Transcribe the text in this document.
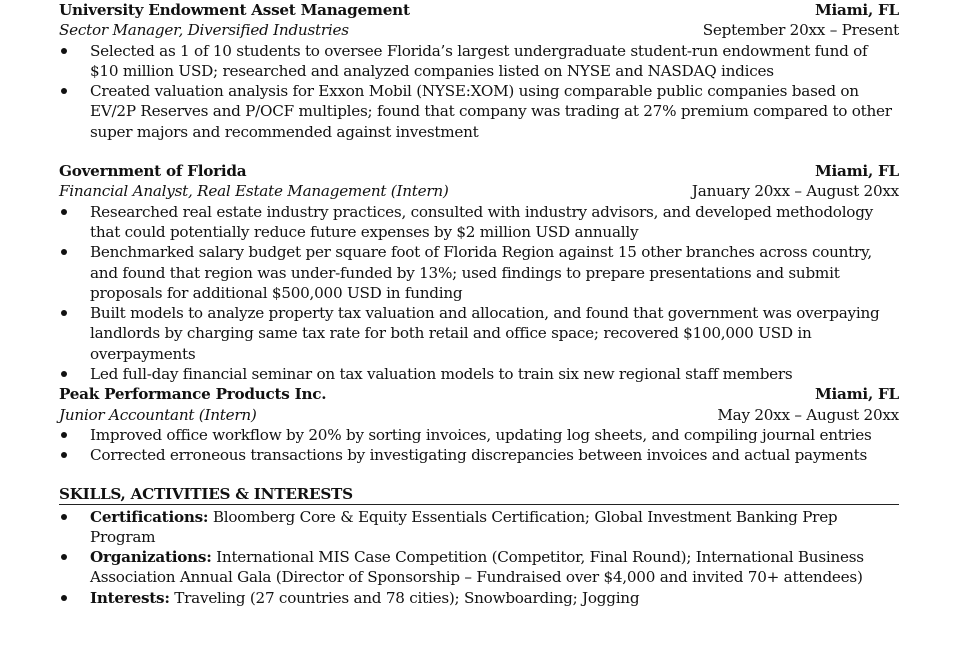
University Endowment Asset Management	Miami, FL
Sector Manager, Diversified Industries	September 20xx – Present
Selected as 1 of 10 students to oversee Florida’s largest undergraduate student-run endowment fund of $10 million USD; researched and analyzed companies listed on NYSE and NASDAQ indices
Created valuation analysis for Exxon Mobil (NYSE:XOM) using comparable public companies based on EV/2P Reserves and P/OCF multiples; found that company was trading at 27% premium compared to other super majors and recommended against investment
Government of Florida	Miami, FL
Financial Analyst, Real Estate Management (Intern)	January 20xx – August 20xx
Researched real estate industry practices, consulted with industry advisors, and developed methodology that could potentially reduce future expenses by $2 million USD annually
Benchmarked salary budget per square foot of Florida Region against 15 other branches across country, and found that region was under-funded by 13%; used findings to prepare presentations and submit proposals for additional $500,000 USD in funding
Built models to analyze property tax valuation and allocation, and found that government was overpaying landlords by charging same tax rate for both retail and office space; recovered $100,000 USD in overpayments
Led full-day financial seminar on tax valuation models to train six new regional staff members
Peak Performance Products Inc.	Miami, FL
Junior Accountant (Intern)	May 20xx – August 20xx
Improved office workflow by 20% by sorting invoices, updating log sheets, and compiling journal entries
Corrected erroneous transactions by investigating discrepancies between invoices and actual payments
SKILLS, ACTIVITIES & INTERESTS
Certifications: Bloomberg Core & Equity Essentials Certification; Global Investment Banking Prep Program
Organizations: International MIS Case Competition (Competitor, Final Round); International Business Association Annual Gala (Director of Sponsorship – Fundraised over $4,000 and invited 70+ attendees)
Interests: Traveling (27 countries and 78 cities); Snowboarding; Jogging
